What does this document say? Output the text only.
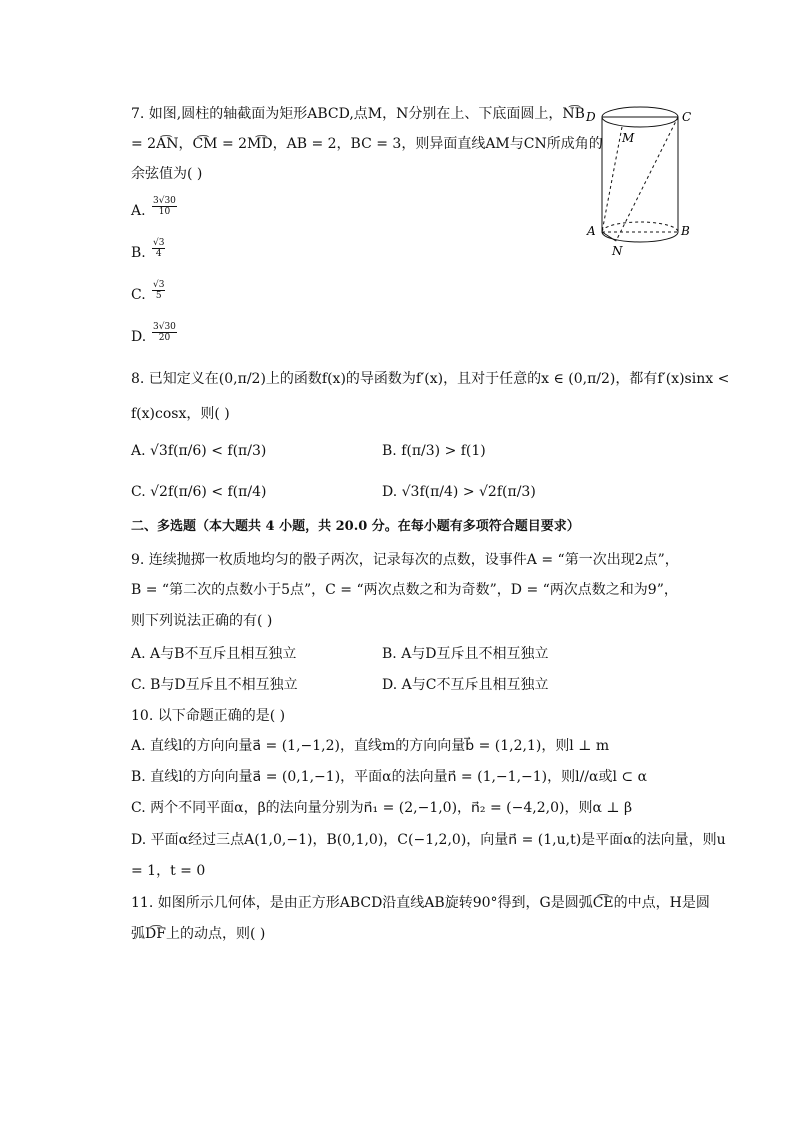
7. 如图,圆柱的轴截面为矩形ABCD,点M，N分别在上、下底面圆上，N͡B
= 2A͡N，C͡M = 2M͡D，AB = 2，BC = 3，则异面直线AM与CN所成角的
余弦值为( )
A. $\frac{3√30}{10}$
B. $\frac{√3}{4}$
C. $\frac{√3}{5}$
D. $\frac{3√30}{20}$
D	C
M
A	B
N
8. 已知定义在(0,π/2)上的函数f(x)的导函数为f′(x)，且对于任意的x ∈ (0,π/2)，都有f′(x)sinx <
f(x)cosx，则( )
A. √3f(π/6) < f(π/3)	B. f(π/3) > f(1)
C. √2f(π/6) < f(π/4)	D. √3f(π/4) > √2f(π/3)
二、多选题（本大题共 4 小题，共 20.0 分。在每小题有多项符合题目要求）
9. 连续抛掷一枚质地均匀的骰子两次，记录每次的点数，设事件A = “第一次出现2点”，
B = “第二次的点数小于5点”，C = “两次点数之和为奇数”，D = “两次点数之和为9”，
则下列说法正确的有( )
A. A与B不互斥且相互独立	B. A与D互斥且不相互独立
C. B与D互斥且不相互独立	D. A与C不互斥且相互独立
10. 以下命题正确的是( )
A. 直线l的方向向量a⃗ = (1,−1,2)，直线m的方向向量b⃗ = (1,2,1)，则l ⊥ m
B. 直线l的方向向量a⃗ = (0,1,−1)，平面α的法向量n⃗ = (1,−1,−1)，则l//α或l ⊂ α
C. 两个不同平面α，β的法向量分别为n⃗₁ = (2,−1,0)，n⃗₂ = (−4,2,0)，则α ⊥ β
D. 平面α经过三点A(1,0,−1)，B(0,1,0)，C(−1,2,0)，向量n⃗ = (1,u,t)是平面α的法向量，则u
= 1，t = 0
11. 如图所示几何体，是由正方形ABCD沿直线AB旋转90°得到，G是圆弧C͡E的中点，H是圆
弧D͡F上的动点，则( )
